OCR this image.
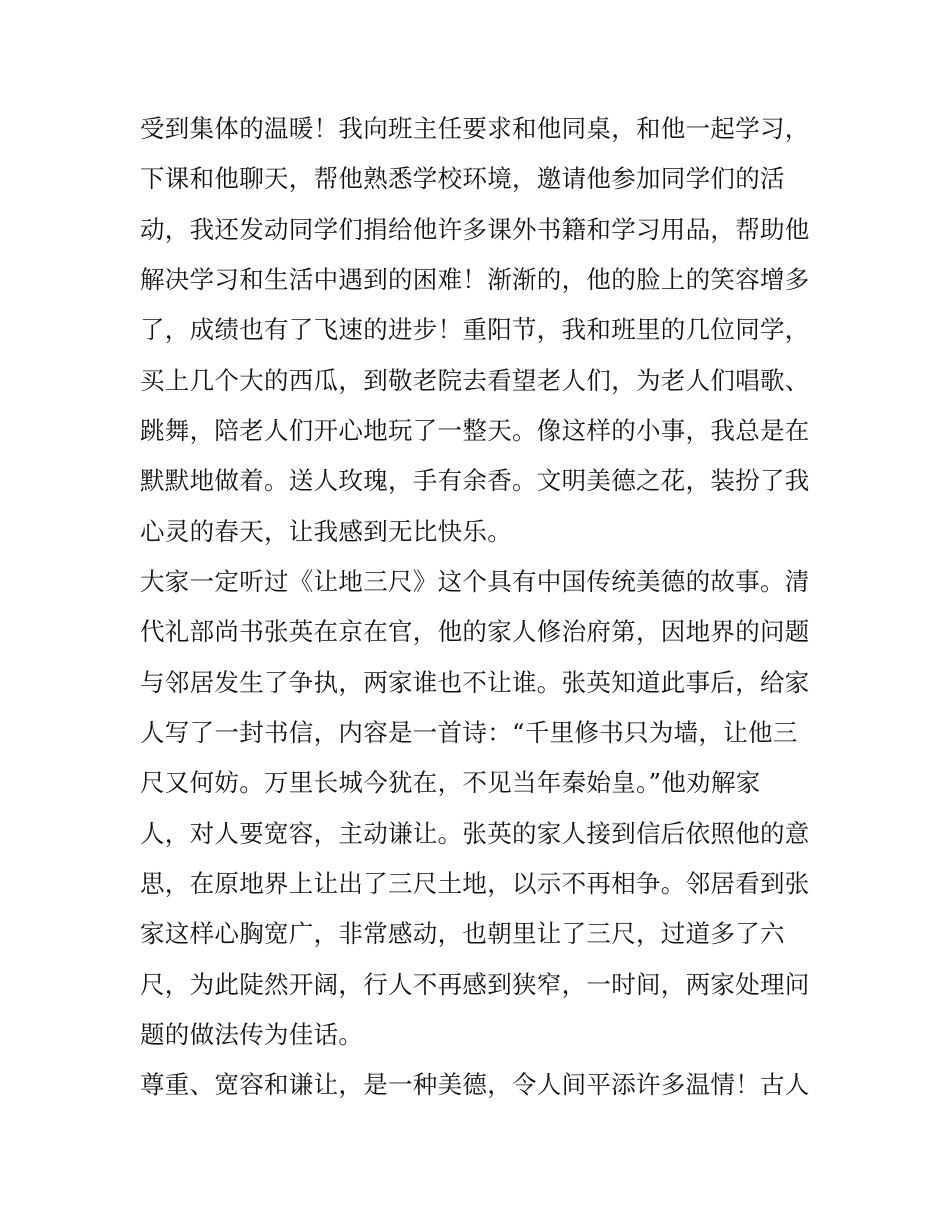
受到集体的温暖！我向班主任要求和他同桌，和他一起学习，
下课和他聊天，帮他熟悉学校环境，邀请他参加同学们的活
动，我还发动同学们捐给他许多课外书籍和学习用品，帮助他
解决学习和生活中遇到的困难！渐渐的，他的脸上的笑容增多
了，成绩也有了飞速的进步！重阳节，我和班里的几位同学，
买上几个大的西瓜，到敬老院去看望老人们，为老人们唱歌、
跳舞，陪老人们开心地玩了一整天。像这样的小事，我总是在
默默地做着。送人玫瑰，手有余香。文明美德之花，装扮了我
心灵的春天，让我感到无比快乐。
大家一定听过《让地三尺》这个具有中国传统美德的故事。清
代礼部尚书张英在京在官，他的家人修治府第，因地界的问题
与邻居发生了争执，两家谁也不让谁。张英知道此事后，给家
人写了一封书信，内容是一首诗：“千里修书只为墙，让他三
尺又何妨。万里长城今犹在，不见当年秦始皇。”他劝解家
人，对人要宽容，主动谦让。张英的家人接到信后依照他的意
思，在原地界上让出了三尺土地，以示不再相争。邻居看到张
家这样心胸宽广，非常感动，也朝里让了三尺，过道多了六
尺，为此陡然开阔，行人不再感到狭窄，一时间，两家处理问
题的做法传为佳话。
尊重、宽容和谦让，是一种美德，令人间平添许多温情！古人
